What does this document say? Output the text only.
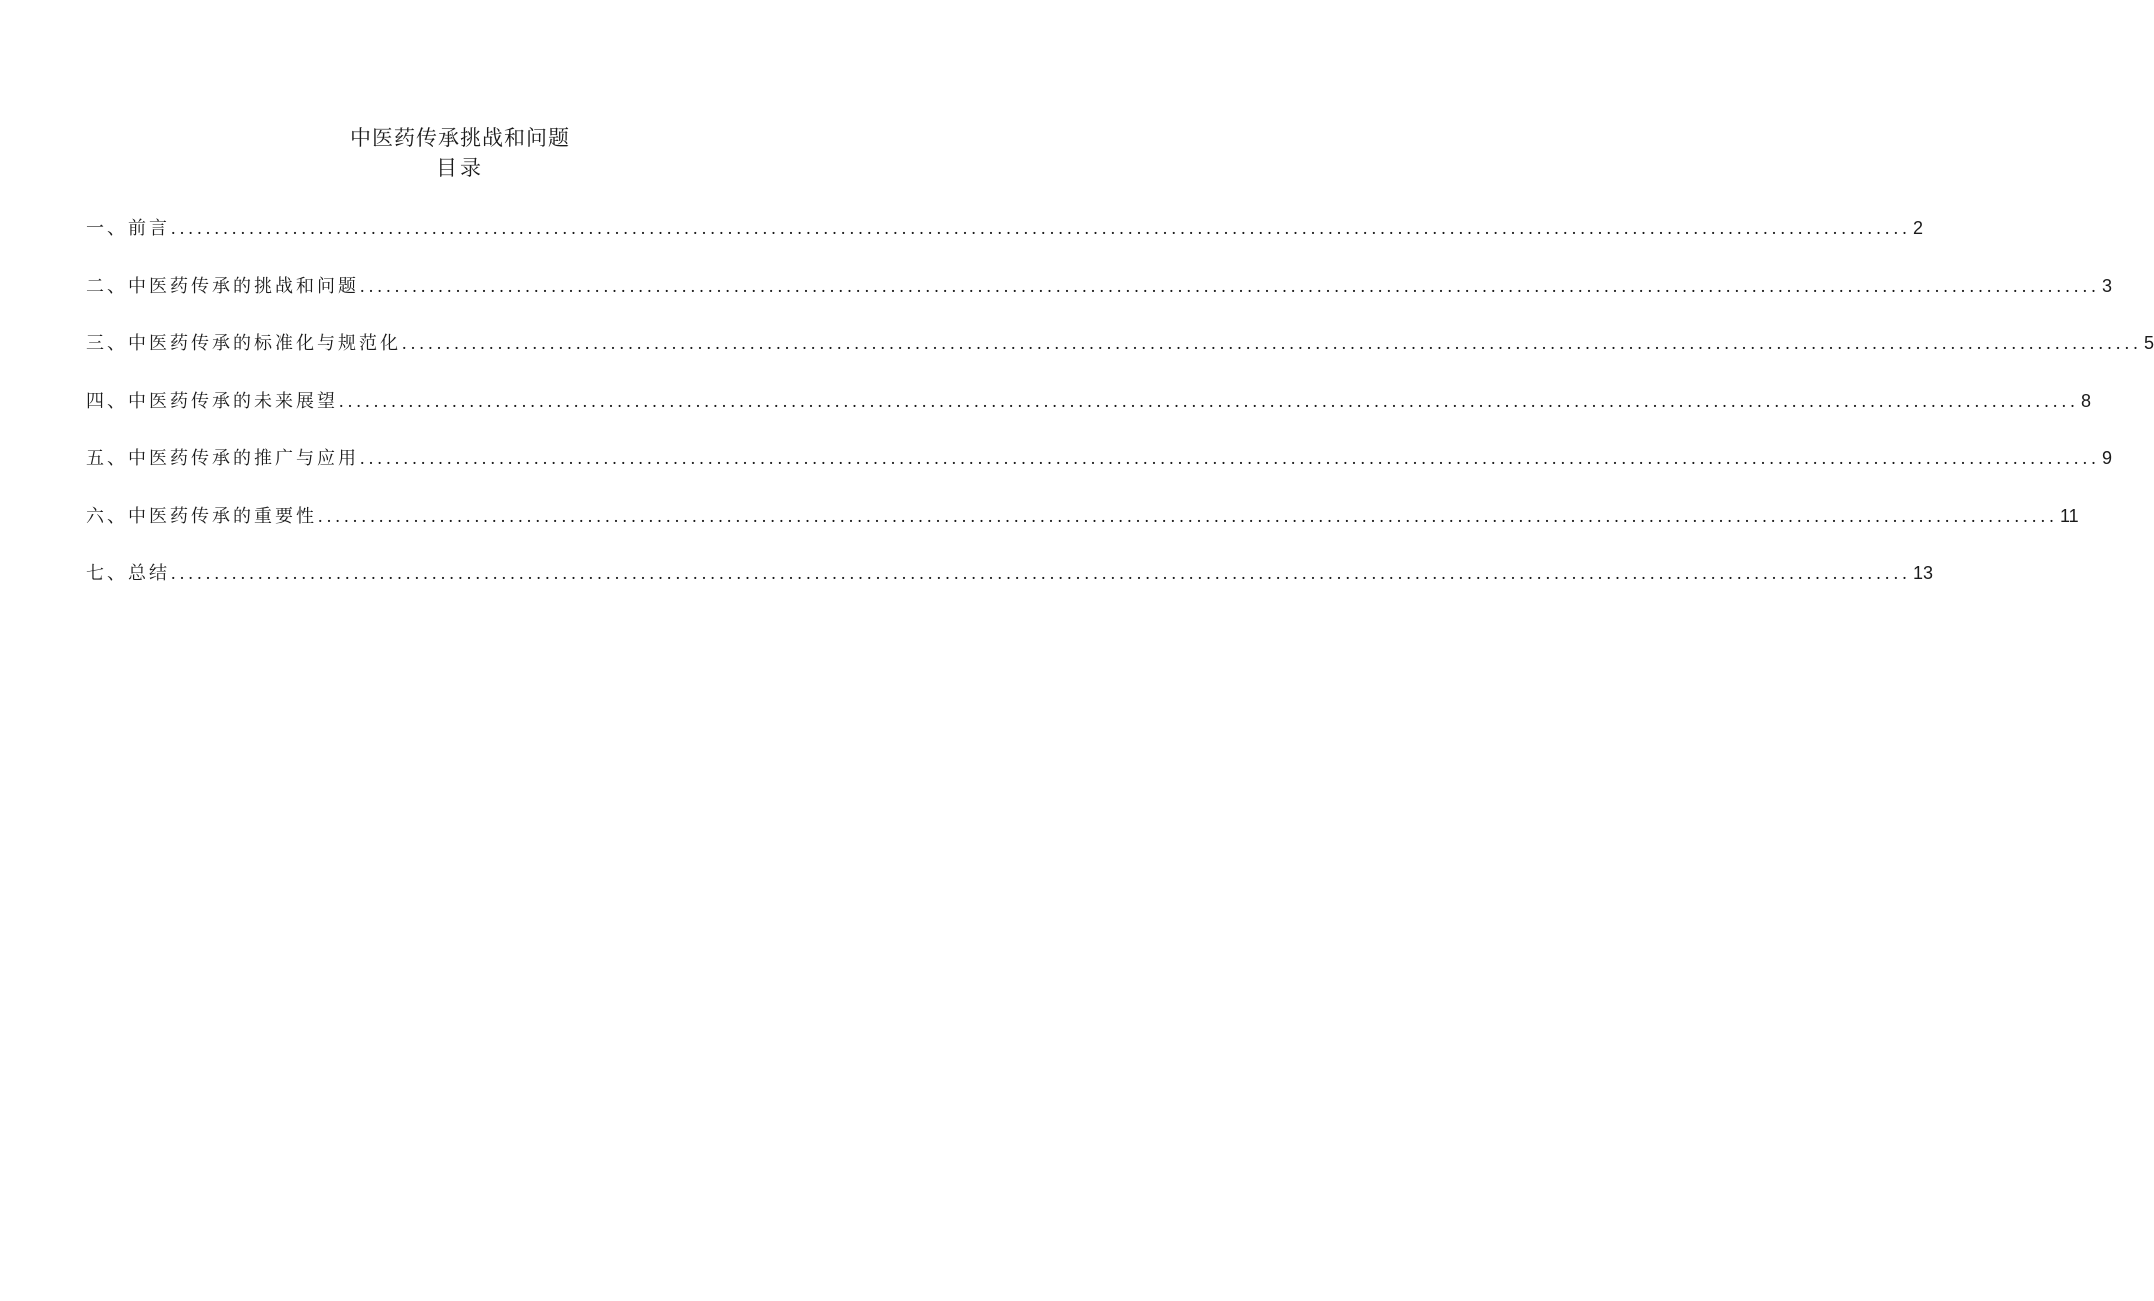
中医药传承挑战和问题
目录
一、前言 ........................................................................................................................................................................................................ 2
二、中医药传承的挑战和问题 ........................................................................................................................................................................................................ 3
三、中医药传承的标准化与规范化 ........................................................................................................................................................................................................ 5
四、中医药传承的未来展望 ........................................................................................................................................................................................................ 8
五、中医药传承的推广与应用 ........................................................................................................................................................................................................ 9
六、中医药传承的重要性 ........................................................................................................................................................................................................ 11
七、总结 ........................................................................................................................................................................................................ 13
